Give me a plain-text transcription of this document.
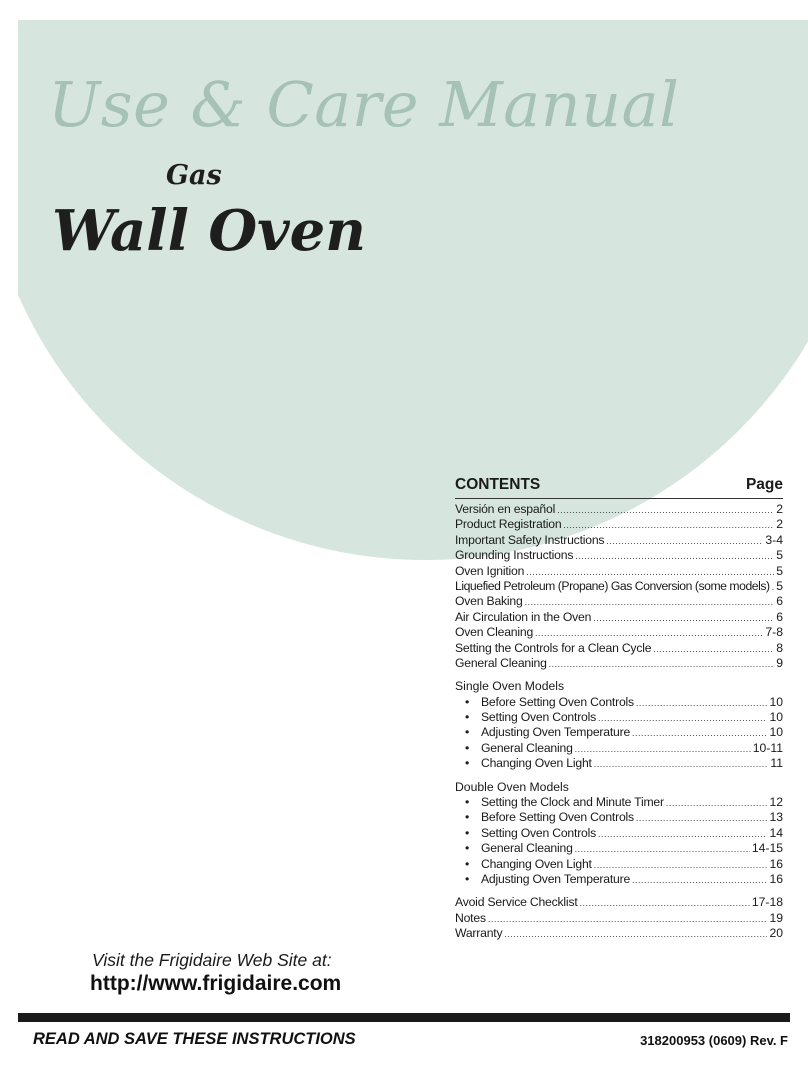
Use & Care Manual
Gas
Wall Oven
CONTENTS	Page
Versión en español . . .	2
Product Registration . . .	2
Important Safety Instructions . . .	3-4
Grounding Instructions . . .	5
Oven Ignition . . .	5
Liquefied Petroleum (Propane) Gas Conversion (some models) . . . 5
Oven Baking . . .	6
Air Circulation in the Oven . . .	6
Oven Cleaning . . .	7-8
Setting the Controls for a Clean Cycle . . .	8
General Cleaning . . .	9
Single Oven Models
• Before Setting Oven Controls . . .	10
• Setting Oven Controls . . .	10
• Adjusting Oven Temperature . . .	10
• General Cleaning . . .	10-11
• Changing Oven Light . . .	11
Double Oven Models
• Setting the Clock and Minute Timer . . .	12
• Before Setting Oven Controls . . .	13
• Setting Oven Controls . . .	14
• General Cleaning . . .	14-15
• Changing Oven Light . . .	16
• Adjusting Oven Temperature . . .	16
Avoid Service Checklist . . .	17-18
Notes . . .	19
Warranty . . .	20
Visit the Frigidaire Web Site at:
http://www.frigidaire.com
READ AND SAVE THESE INSTRUCTIONS	318200953 (0609) Rev. F
